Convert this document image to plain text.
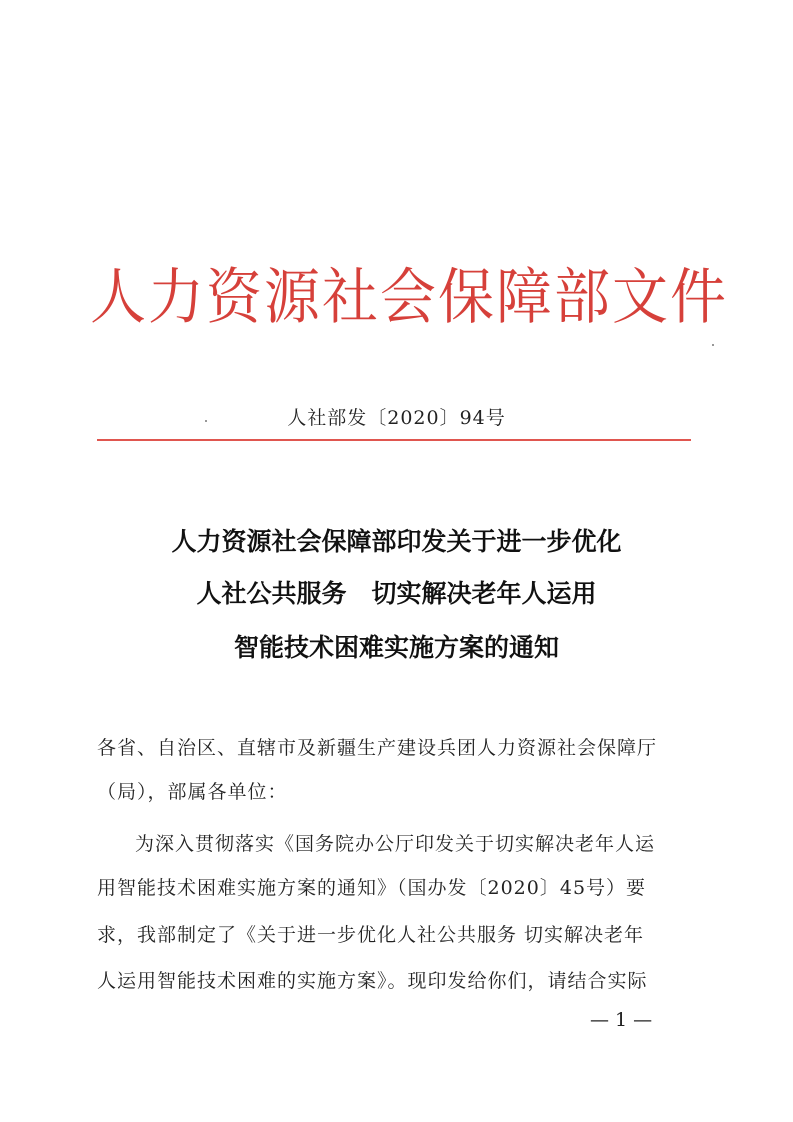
人力资源社会保障部文件
人社部发〔2020〕94号
人力资源社会保障部印发关于进一步优化
人社公共服务　切实解决老年人运用
智能技术困难实施方案的通知
各省、自治区、直辖市及新疆生产建设兵团人力资源社会保障厅
（局），部属各单位：
为深入贯彻落实《国务院办公厅印发关于切实解决老年人运
用智能技术困难实施方案的通知》（国办发〔2020〕45号）要
求，我部制定了《关于进一步优化人社公共服务 切实解决老年
人运用智能技术困难的实施方案》。现印发给你们，请结合实际
— 1 —
